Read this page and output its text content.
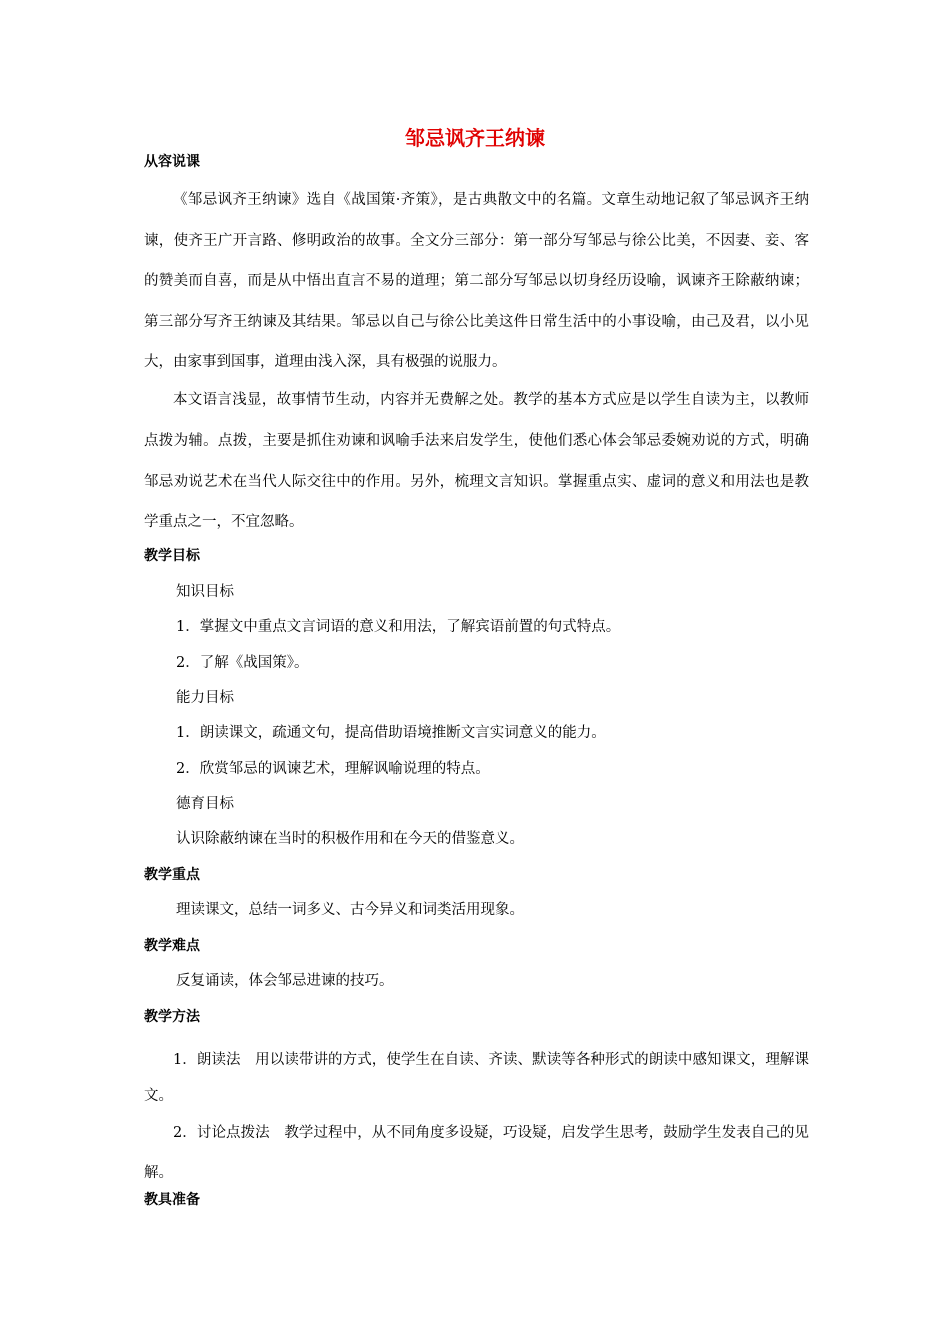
邹忌讽齐王纳谏
从容说课
《邹忌讽齐王纳谏》选自《战国策·齐策》，是古典散文中的名篇。文章生动地记叙了邹忌讽齐王纳谏，使齐王广开言路、修明政治的故事。全文分三部分：第一部分写邹忌与徐公比美，不因妻、妾、客的赞美而自喜，而是从中悟出直言不易的道理；第二部分写邹忌以切身经历设喻，讽谏齐王除蔽纳谏；第三部分写齐王纳谏及其结果。邹忌以自己与徐公比美这件日常生活中的小事设喻，由己及君，以小见大，由家事到国事，道理由浅入深，具有极强的说服力。
本文语言浅显，故事情节生动，内容并无费解之处。教学的基本方式应是以学生自读为主，以教师点拨为辅。点拨，主要是抓住劝谏和讽喻手法来启发学生，使他们悉心体会邹忌委婉劝说的方式，明确邹忌劝说艺术在当代人际交往中的作用。另外，梳理文言知识。掌握重点实、虚词的意义和用法也是教学重点之一，不宜忽略。
教学目标
知识目标
1．掌握文中重点文言词语的意义和用法，了解宾语前置的句式特点。
2．了解《战国策》。
能力目标
1．朗读课文，疏通文句，提高借助语境推断文言实词意义的能力。
2．欣赏邹忌的讽谏艺术，理解讽喻说理的特点。
德育目标
认识除蔽纳谏在当时的积极作用和在今天的借鉴意义。
教学重点
理读课文，总结一词多义、古今异义和词类活用现象。
教学难点
反复诵读，体会邹忌进谏的技巧。
教学方法
1．朗读法　用以读带讲的方式，使学生在自读、齐读、默读等各种形式的朗读中感知课文，理解课文。
2．讨论点拨法　教学过程中，从不同角度多设疑，巧设疑，启发学生思考，鼓励学生发表自己的见解。
教具准备
